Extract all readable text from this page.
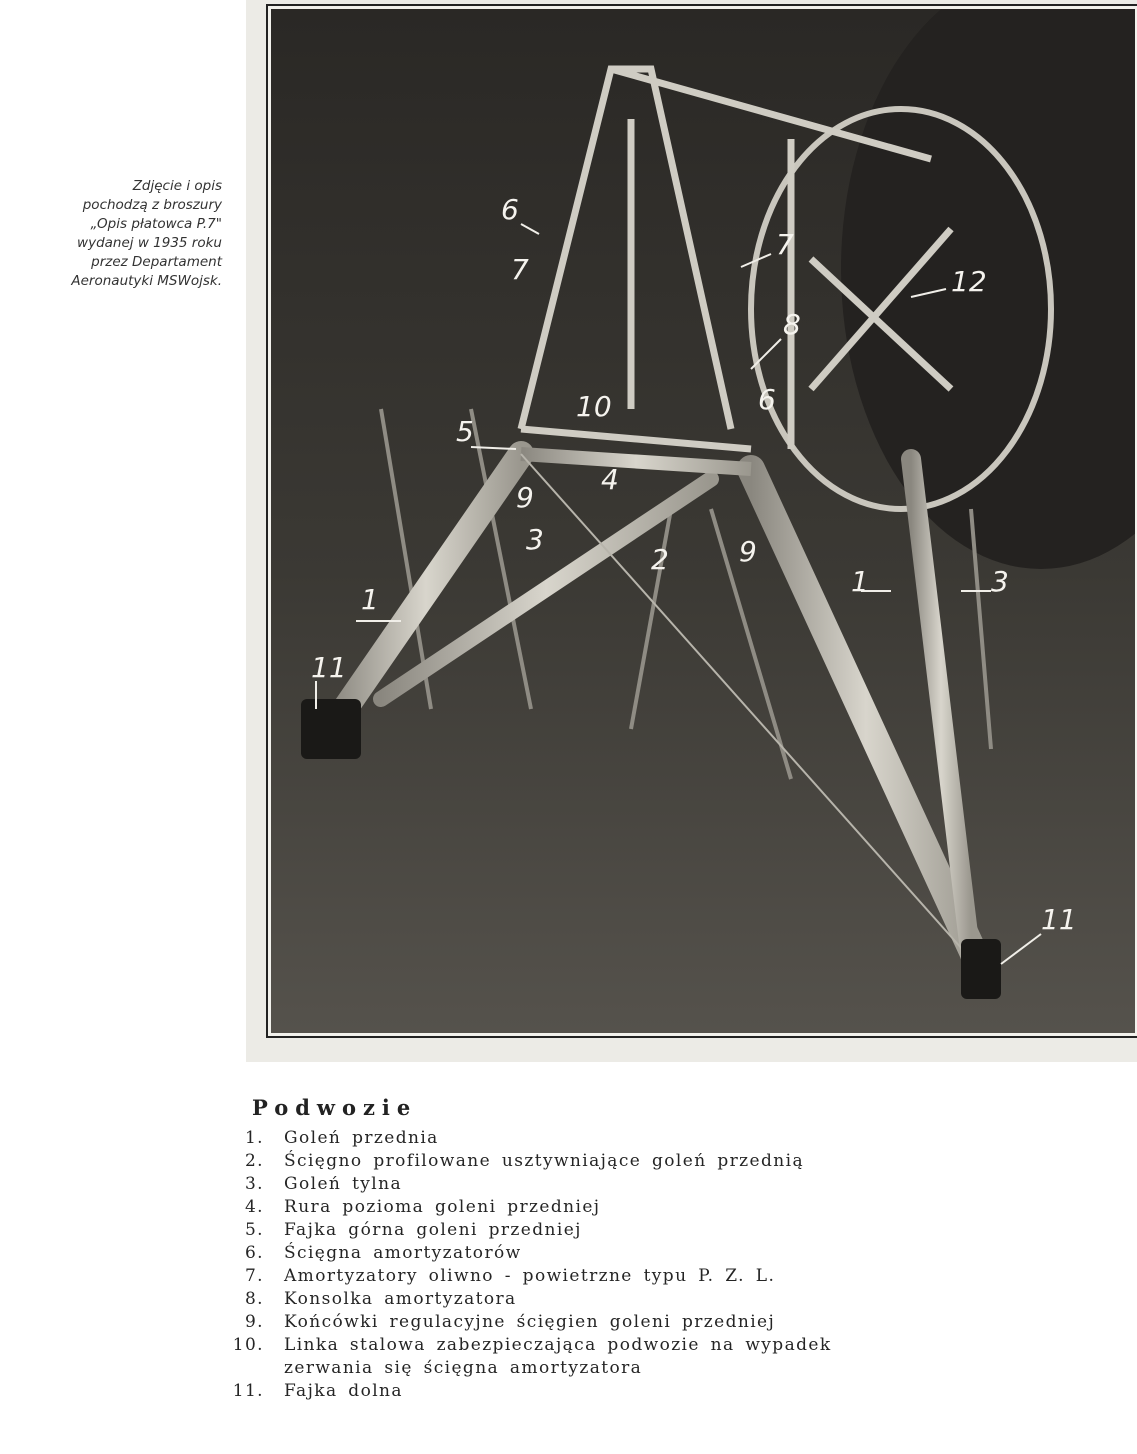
Zdjęcie i opis
pochodzą z broszury
„Opis płatowca P.7"
wydanej w 1935 roku
przez Departament
Aeronautyki MSWojsk.
6
7
7
12
8
10	6
5
9
4
3
2	9
1	3
1
11
11
Podwozie
1. Goleń przednia
2. Ścięgno profilowane usztywniające goleń przednią
3. Goleń tylna
4. Rura pozioma goleni przedniej
5. Fajka górna goleni przedniej
6. Ścięgna amortyzatorów
7. Amortyzatory oliwno - powietrzne typu P. Z. L.
8. Konsolka amortyzatora
9. Końcówki regulacyjne ścięgien goleni przedniej
10. Linka stalowa zabezpieczająca podwozie na wypadek
zerwania się ścięgna amortyzatora
11. Fajka dolna
